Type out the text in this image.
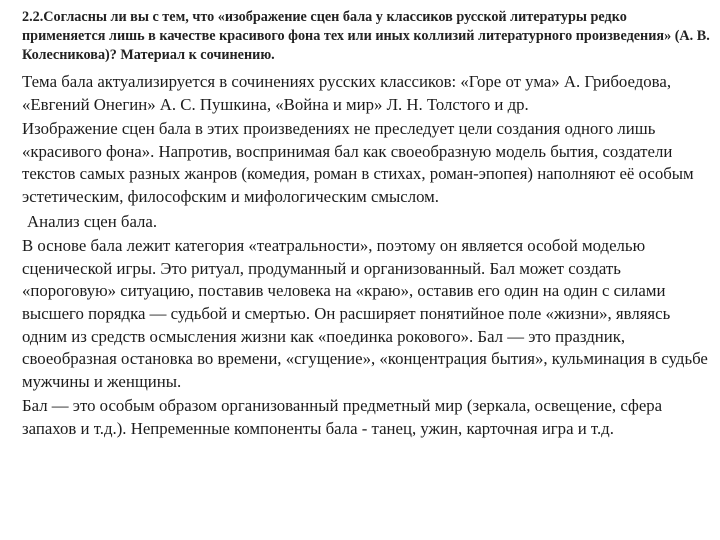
2.2.Согласны ли вы с тем, что «изображение сцен бала у классиков русской литературы редко применяется лишь в качестве красивого фона тех или иных коллизий литературного произведения» (А. В. Колесникова)? Материал к сочинению.

Тема бала актуализируется в сочинениях русских классиков: «Горе от ума» А. Грибоедова, «Евгений Онегин» А. С. Пушкина, «Война и мир» Л. Н. Толстого и др.

Изображение сцен бала в этих произведениях не преследует цели создания одного лишь «красивого фона». Напротив, воспринимая бал как своеобразную модель бытия, создатели текстов самых разных жанров (комедия, роман в стихах, роман-эпопея) наполняют её особым эстетическим, философским и мифологическим смыслом.

Анализ сцен бала.

В основе бала лежит категория «театральности», поэтому он является особой моделью сценической игры. Это ритуал, продуманный и организованный. Бал может создать «пороговую» ситуацию, поставив человека на «краю», оставив его один на один с силами высшего порядка — судьбой и смертью. Он расширяет понятийное поле «жизни», являясь одним из средств осмысления жизни как «поединка рокового». Бал — это праздник, своеобразная остановка во времени, «сгущение», «концентрация бытия», кульминация в судьбе мужчины и женщины.

Бал — это особым образом организованный предметный мир (зеркала, освещение, сфера запахов и т.д.). Непременные компоненты бала - танец, ужин, карточная игра и т.д.
